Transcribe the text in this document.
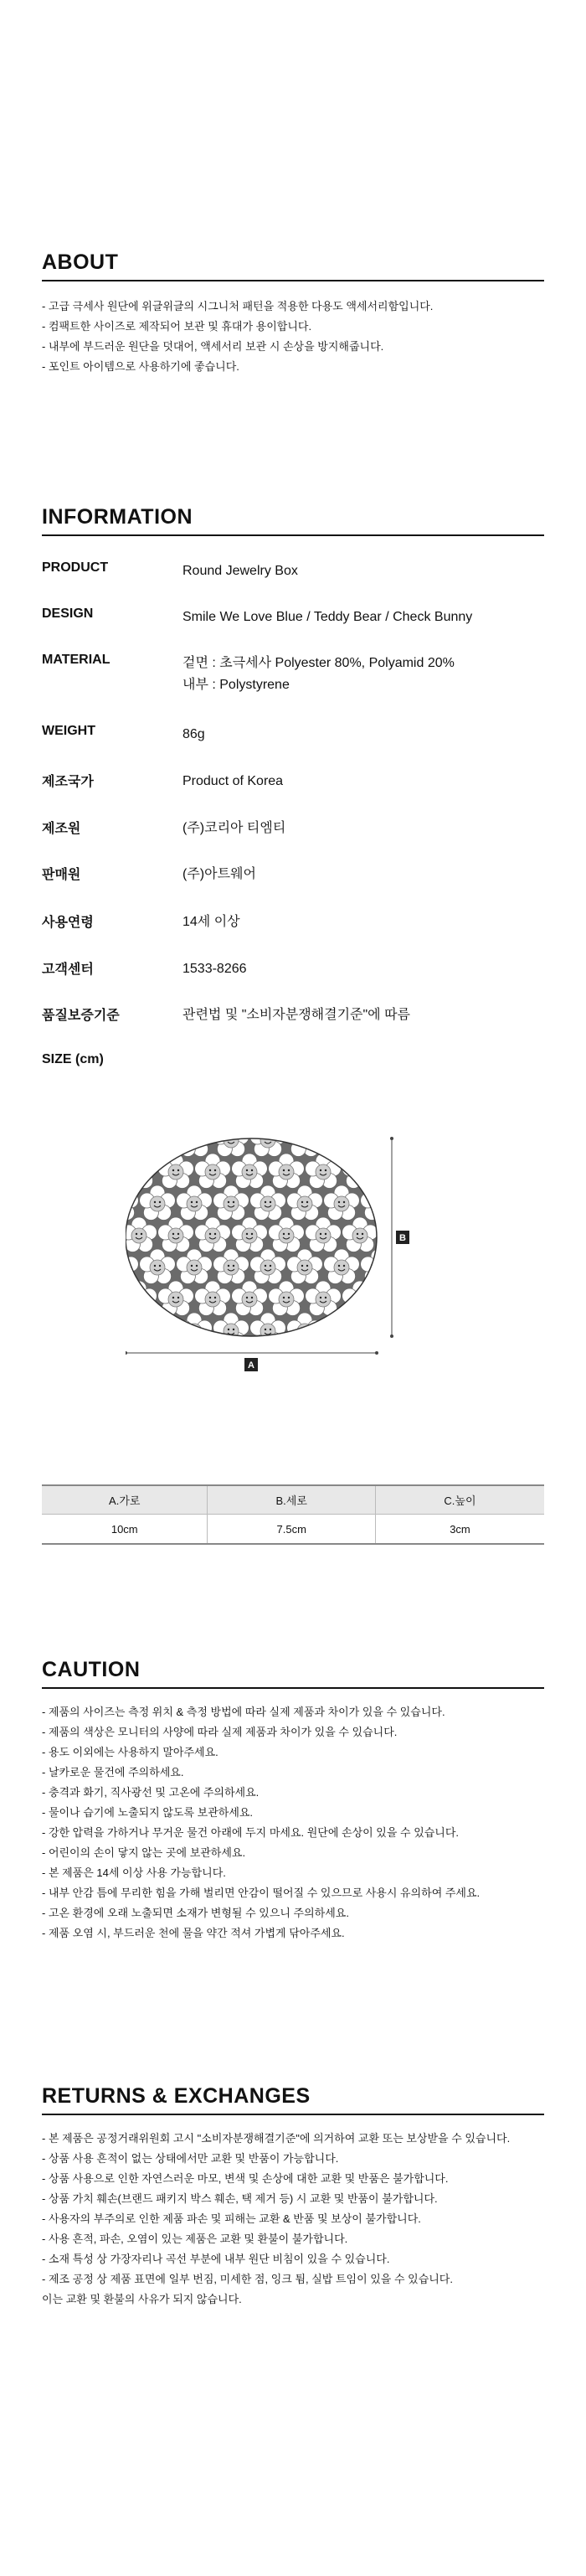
ABOUT
- 고급 극세사 원단에 위글위글의 시그니처 패턴을 적용한 다용도 액세서리함입니다.
- 컴팩트한 사이즈로 제작되어 보관 및 휴대가 용이합니다.
- 내부에 부드러운 원단을 덧대어, 액세서리 보관 시 손상을 방지해줍니다.
- 포인트 아이템으로 사용하기에 좋습니다.
INFORMATION
PRODUCT	Round Jewelry Box
DESIGN	Smile We Love Blue / Teddy Bear / Check Bunny
MATERIAL	겉면 : 초극세사 Polyester 80%, Polyamid 20%
내부 : Polystyrene
WEIGHT	86g
제조국가	Product of Korea
제조원	(주)코리아 티엠티
판매원	(주)아트웨어
사용연령	14세 이상
고객센터	1533-8266
품질보증기준	관련법 및 "소비자분쟁해결기준"에 따름
SIZE (cm)
B
A
A.가로	B.세로	C.높이
10cm	7.5cm	3cm
CAUTION
- 제품의 사이즈는 측정 위치 & 측정 방법에 따라 실제 제품과 차이가 있을 수 있습니다.
- 제품의 색상은 모니터의 사양에 따라 실제 제품과 차이가 있을 수 있습니다.
- 용도 이외에는 사용하지 말아주세요.
- 날카로운 물건에 주의하세요.
- 충격과 화기, 직사광선 및 고온에 주의하세요.
- 물이나 습기에 노출되지 않도록 보관하세요.
- 강한 압력을 가하거나 무거운 물건 아래에 두지 마세요. 원단에 손상이 있을 수 있습니다.
- 어린이의 손이 닿지 않는 곳에 보관하세요.
- 본 제품은 14세 이상 사용 가능합니다.
- 내부 안감 틈에 무리한 힘을 가해 벌리면 안감이 떨어질 수 있으므로 사용시 유의하여 주세요.
- 고온 환경에 오래 노출되면 소재가 변형될 수 있으니 주의하세요.
- 제품 오염 시, 부드러운 천에 물을 약간 적셔 가볍게 닦아주세요.
RETURNS & EXCHANGES
- 본 제품은 공정거래위원회 고시 "소비자분쟁해결기준"에 의거하여 교환 또는 보상받을 수 있습니다.
- 상품 사용 흔적이 없는 상태에서만 교환 및 반품이 가능합니다.
- 상품 사용으로 인한 자연스러운 마모, 변색 및 손상에 대한 교환 및 반품은 불가합니다.
- 상품 가치 훼손(브랜드 패키지 박스 훼손, 택 제거 등) 시 교환 및 반품이 불가합니다.
- 사용자의 부주의로 인한 제품 파손 및 피해는 교환 & 반품 및 보상이 불가합니다.
- 사용 흔적, 파손, 오염이 있는 제품은 교환 및 환불이 불가합니다.
- 소재 특성 상 가장자리나 곡선 부분에 내부 원단 비침이 있을 수 있습니다.
- 제조 공정 상 제품 표면에 일부 번짐, 미세한 점, 잉크 튐, 실밥 트임이 있을 수 있습니다.
이는 교환 및 환불의 사유가 되지 않습니다.
